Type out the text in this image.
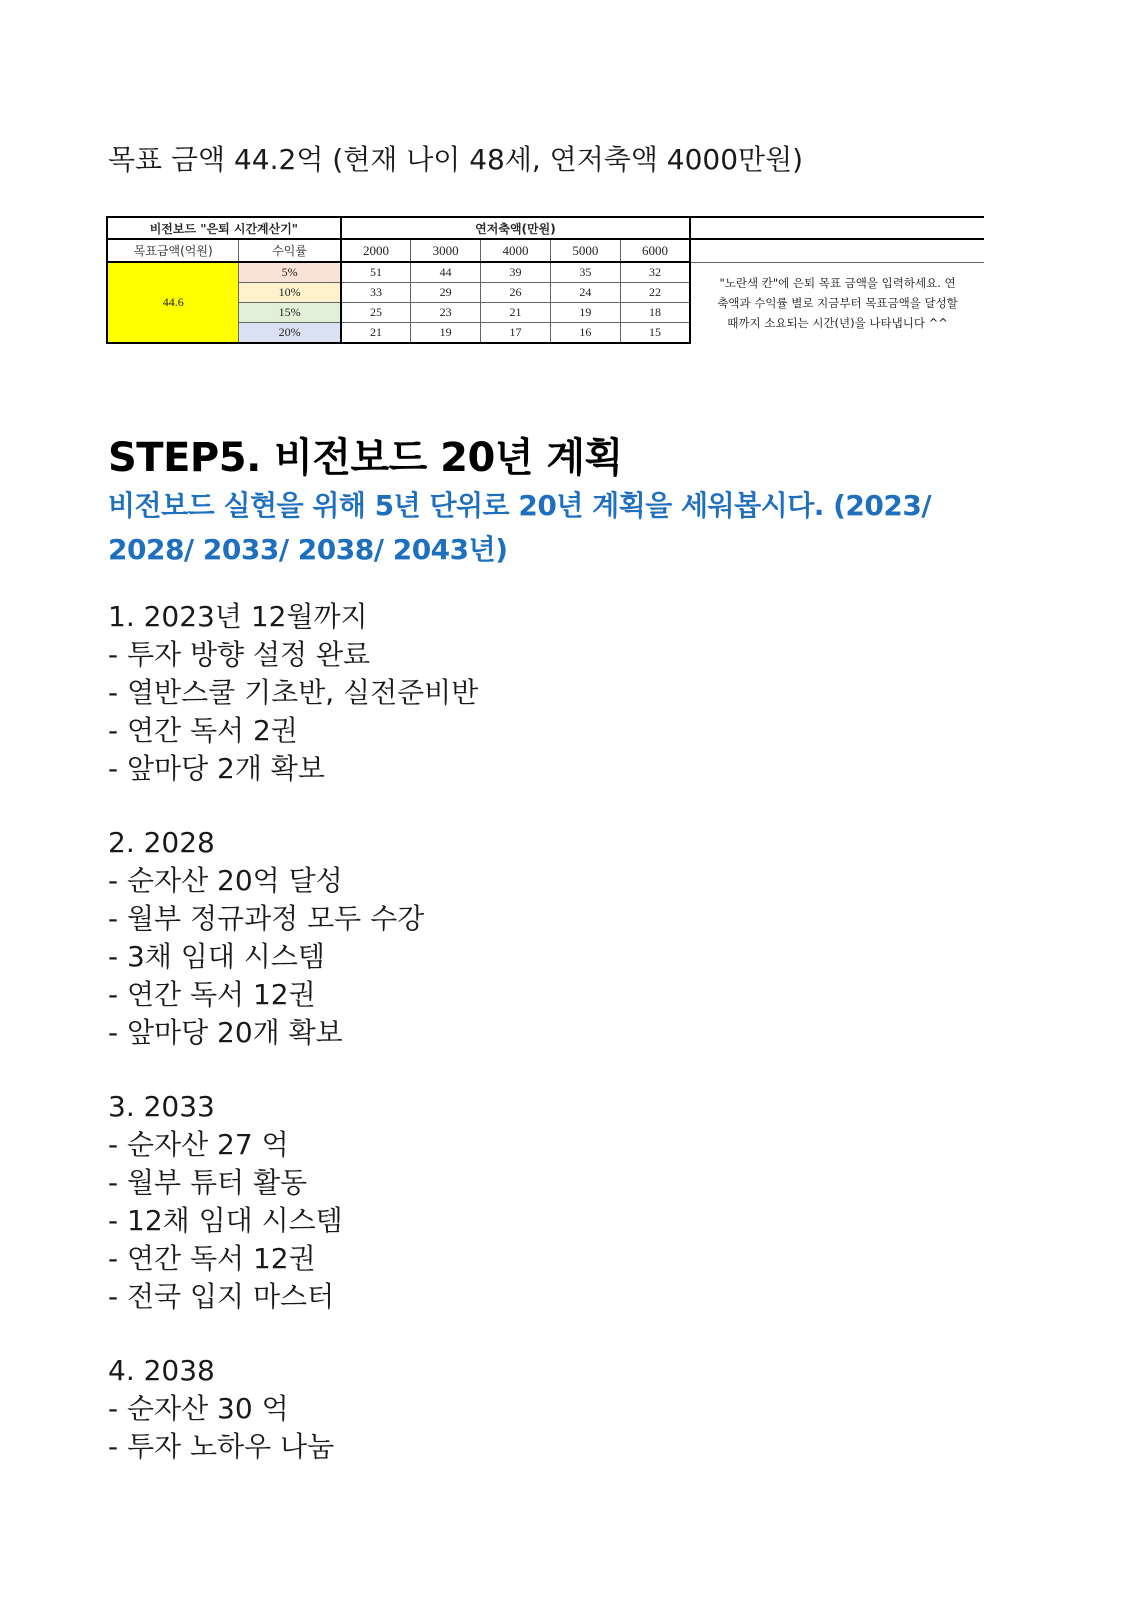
목표 금액 44.2억 (현재 나이 48세, 연저축액 4000만원)

비전보드 "은퇴 시간계산기"		연저축액(만원)					
목표금액(억원)	수익률	2000	3000	4000	5000	6000	
44.6	5%	51	44	39	35	32	"노란색 칸"에 은퇴 목표 금액을 입력하세요. 연
축액과 수익률 별로 지금부터 목표금액을 달성할
때까지 소요되는 시간(년)을 나타냅니다 ^^

	10%	33	29	26	24	22	
	15%	25	23	21	19	18	
	20%	21	19	17	16	15	
STEP5. 비전보드 20년 계획

비전보드 실현을 위해 5년 단위로 20년 계획을 세워봅시다. (2023/ 2028/ 2033/ 2038/ 2043년)

1. 2023년 12월까지

- 투자 방향 설정 완료
- 열반스쿨 기초반, 실전준비반
- 연간 독서 2권
- 앞마당 2개 확보

2. 2028

- 순자산 20억 달성
- 월부 정규과정 모두 수강
- 3채 임대 시스템
- 연간 독서 12권
- 앞마당 20개 확보

3. 2033

- 순자산 27 억
- 월부 튜터 활동
- 12채 임대 시스템
- 연간 독서 12권
- 전국 입지 마스터

4. 2038

- 순자산 30 억
- 투자 노하우 나눔
